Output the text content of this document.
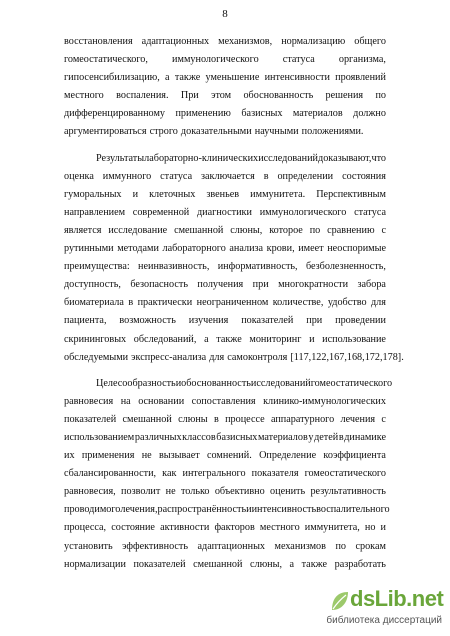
8
восстановления адаптационных механизмов, нормализацию общего
гомеостатического, иммунологического статуса организма,
гипосенсибилизацию, а также уменьшение интенсивности проявлений
местного воспаления. При этом обоснованность решения по
дифференцированному применению базисных материалов должно
аргументироваться строго доказательными научными положениями.
Результаты лабораторно-клинических исследований доказывают, что
оценка иммунного статуса заключается в определении состояния
гуморальных и клеточных звеньев иммунитета. Перспективным
направлением современной диагностики иммунологического статуса
является исследование смешанной слюны, которое по сравнению с
рутинными методами лабораторного анализа крови, имеет неоспоримые
преимущества: неинвазивность, информативность, безболезненность,
доступность, безопасность получения при многократности забора
биоматериала в практически неограниченном количестве, удобство для
пациента, возможность изучения показателей при проведении
скрининговых обследований, а также мониторинг и использование
обследуемыми экспресс-анализа для самоконтроля [117,122,167,168,172,178].
Целесообразность и обоснованность исследований гомеостатического
равновесия на основании сопоставления клинико-иммунологических
показателей смешанной слюны в процессе аппаратурного лечения с
использованием различных классов базисных материалов у детей в динамике
их применения не вызывает сомнений. Определение коэффициента
сбалансированности, как интегрального показателя гомеостатического
равновесия, позволит не только объективно оценить результативность
проводимого лечения, распространённость и интенсивность воспалительного
процесса, состояние активности факторов местного иммунитета, но и
установить эффективность адаптационных механизмов по срокам
нормализации показателей смешанной слюны, а также разработать
dsLib.net
библиотека диссертаций
